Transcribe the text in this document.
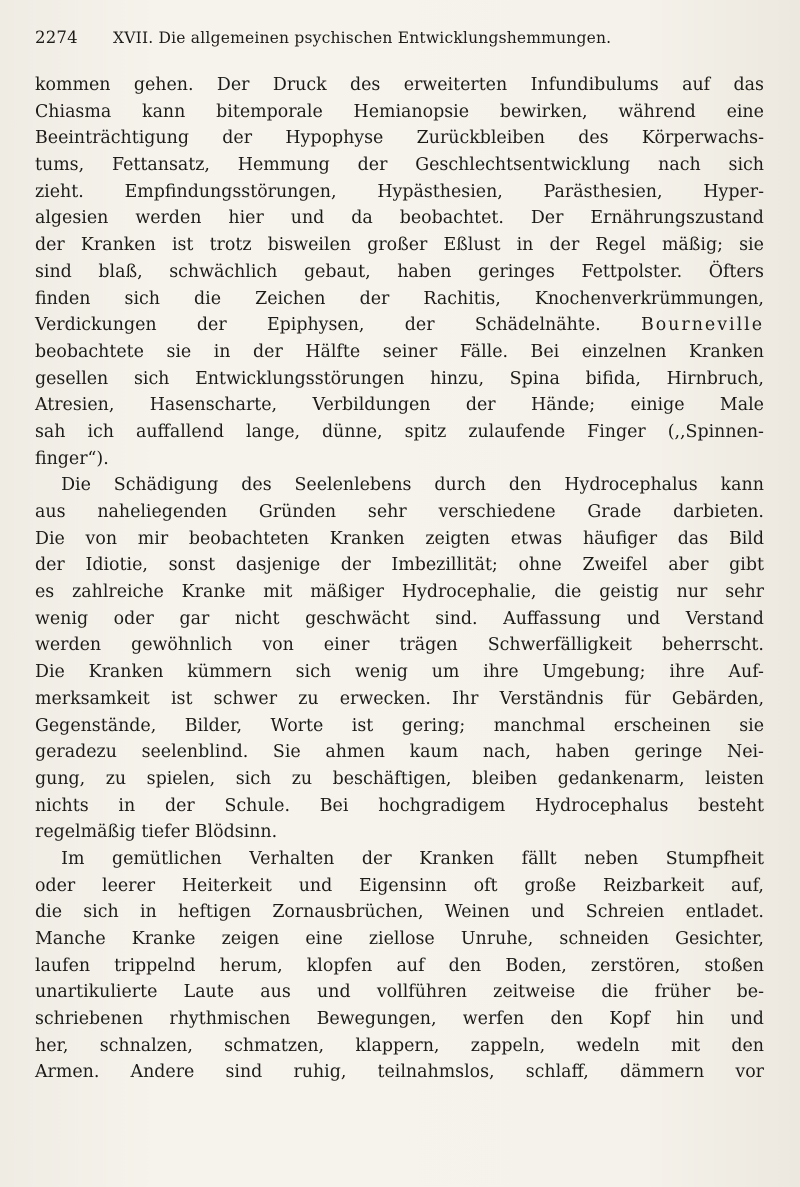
2274	XVII. Die allgemeinen psychischen Entwicklungshemmungen.
kommen gehen. Der Druck des erweiterten Infundibulums auf das
Chiasma kann bitemporale Hemianopsie bewirken, während eine
Beeinträchtigung der Hypophyse Zurückbleiben des Körperwachs-
tums, Fettansatz, Hemmung der Geschlechtsentwicklung nach sich
zieht. Empfindungsstörungen, Hypästhesien, Parästhesien, Hyper-
algesien werden hier und da beobachtet. Der Ernährungszustand
der Kranken ist trotz bisweilen großer Eßlust in der Regel mäßig; sie
sind blaß, schwächlich gebaut, haben geringes Fettpolster. Öfters
finden sich die Zeichen der Rachitis, Knochenverkrümmungen,
Verdickungen der Epiphysen, der Schädelnähte. Bourneville
beobachtete sie in der Hälfte seiner Fälle. Bei einzelnen Kranken
gesellen sich Entwicklungsstörungen hinzu, Spina bifida, Hirnbruch,
Atresien, Hasenscharte, Verbildungen der Hände; einige Male
sah ich auffallend lange, dünne, spitz zulaufende Finger (,,Spinnen-
finger“).
Die Schädigung des Seelenlebens durch den Hydrocephalus kann
aus naheliegenden Gründen sehr verschiedene Grade darbieten.
Die von mir beobachteten Kranken zeigten etwas häufiger das Bild
der Idiotie, sonst dasjenige der Imbezillität; ohne Zweifel aber gibt
es zahlreiche Kranke mit mäßiger Hydrocephalie, die geistig nur sehr
wenig oder gar nicht geschwächt sind. Auffassung und Verstand
werden gewöhnlich von einer trägen Schwerfälligkeit beherrscht.
Die Kranken kümmern sich wenig um ihre Umgebung; ihre Auf-
merksamkeit ist schwer zu erwecken. Ihr Verständnis für Gebärden,
Gegenstände, Bilder, Worte ist gering; manchmal erscheinen sie
geradezu seelenblind. Sie ahmen kaum nach, haben geringe Nei-
gung, zu spielen, sich zu beschäftigen, bleiben gedankenarm, leisten
nichts in der Schule. Bei hochgradigem Hydrocephalus besteht
regelmäßig tiefer Blödsinn.
Im gemütlichen Verhalten der Kranken fällt neben Stumpfheit
oder leerer Heiterkeit und Eigensinn oft große Reizbarkeit auf,
die sich in heftigen Zornausbrüchen, Weinen und Schreien entladet.
Manche Kranke zeigen eine ziellose Unruhe, schneiden Gesichter,
laufen trippelnd herum, klopfen auf den Boden, zerstören, stoßen
unartikulierte Laute aus und vollführen zeitweise die früher be-
schriebenen rhythmischen Bewegungen, werfen den Kopf hin und
her, schnalzen, schmatzen, klappern, zappeln, wedeln mit den
Armen. Andere sind ruhig, teilnahmslos, schlaff, dämmern vor
